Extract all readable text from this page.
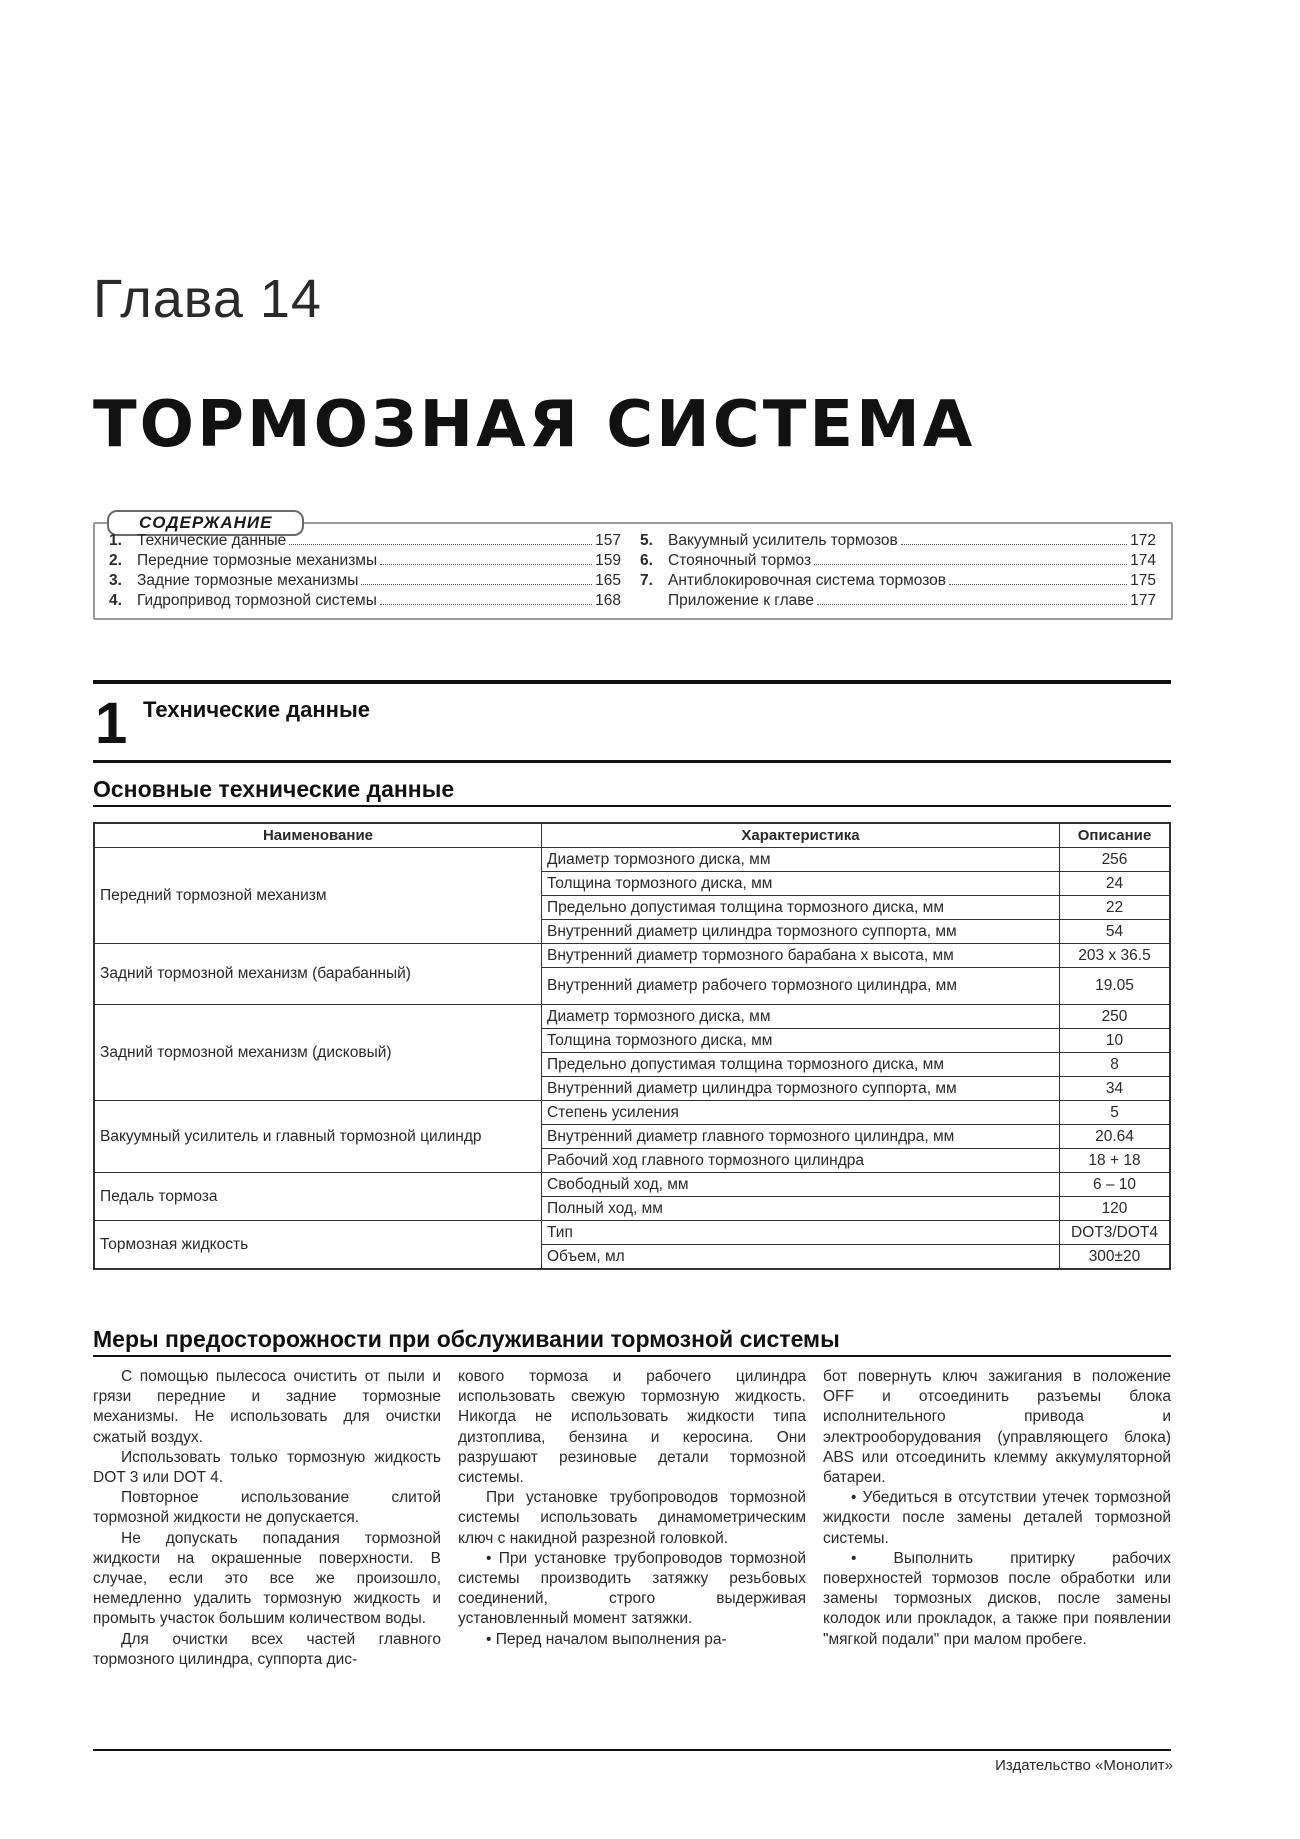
Глава 14
ТОРМОЗНАЯ СИСТЕМА
СОДЕРЖАНИЕ
1. Технические данные	157
2. Передние тормозные механизмы	159
3. Задние тормозные механизмы	165
4. Гидропривод тормозной системы	168
5. Вакуумный усилитель тормозов	172
6. Стояночный тормоз	174
7. Антиблокировочная система тормозов	175
Приложение к главе	177
1 Технические данные
Основные технические данные
Наименование	Характеристика	Описание
Передний тормозной механизм	Диаметр тормозного диска, мм	256
	Толщина тормозного диска, мм	24
	Предельно допустимая толщина тормозного диска, мм	22
	Внутренний диаметр цилиндра тормозного суппорта, мм	54
Задний тормозной механизм (барабанный)	Внутренний диаметр тормозного барабана x высота, мм	203 x 36.5
	Внутренний диаметр рабочего тормозного цилиндра, мм	19.05
Задний тормозной механизм (дисковый)	Диаметр тормозного диска, мм	250
	Толщина тормозного диска, мм	10
	Предельно допустимая толщина тормозного диска, мм	8
	Внутренний диаметр цилиндра тормозного суппорта, мм	34
Вакуумный усилитель и главный тормозной цилиндр	Степень усиления	5
	Внутренний диаметр главного тормозного цилиндра, мм	20.64
	Рабочий ход главного тормозного цилиндра	18 + 18
Педаль тормоза	Свободный ход, мм	6 – 10
	Полный ход, мм	120
Тормозная жидкость	Тип	DOT3/DOT4
	Объем, мл	300±20
Меры предосторожности при обслуживании тормозной системы

С помощью пылесоса очистить от пыли и грязи передние и задние тормозные механизмы. Не использовать для очистки сжатый воздух.

Использовать только тормозную жидкость DOT 3 или DOT 4.

Повторное использование слитой тормозной жидкости не допускается.

Не допускать попадания тормозной жидкости на окрашенные поверхности. В случае, если это все же произошло, немедленно удалить тормозную жидкость и промыть участок большим количеством воды.

Для очистки всех частей главного тормозного цилиндра, суппорта дис-

кового тормоза и рабочего цилиндра использовать свежую тормозную жидкость. Никогда не использовать жидкости типа дизтоплива, бензина и керосина. Они разрушают резиновые детали тормозной системы.

При установке трубопроводов тормозной системы использовать динамометрическим ключ с накидной разрезной головкой.

• При установке трубопроводов тормозной системы производить затяжку резьбовых соединений, строго выдерживая установленный момент затяжки.

• Перед началом выполнения ра-

бот повернуть ключ зажигания в положение OFF и отсоединить разъемы блока исполнительного привода и электрооборудования (управляющего блока) ABS или отсоединить клемму аккумуляторной батареи.

• Убедиться в отсутствии утечек тормозной жидкости после замены деталей тормозной системы.

• Выполнить притирку рабочих поверхностей тормозов после обработки или замены тормозных дисков, после замены колодок или прокладок, а также при появлении "мягкой подали" при малом пробеге.

Издательство «Монолит»
